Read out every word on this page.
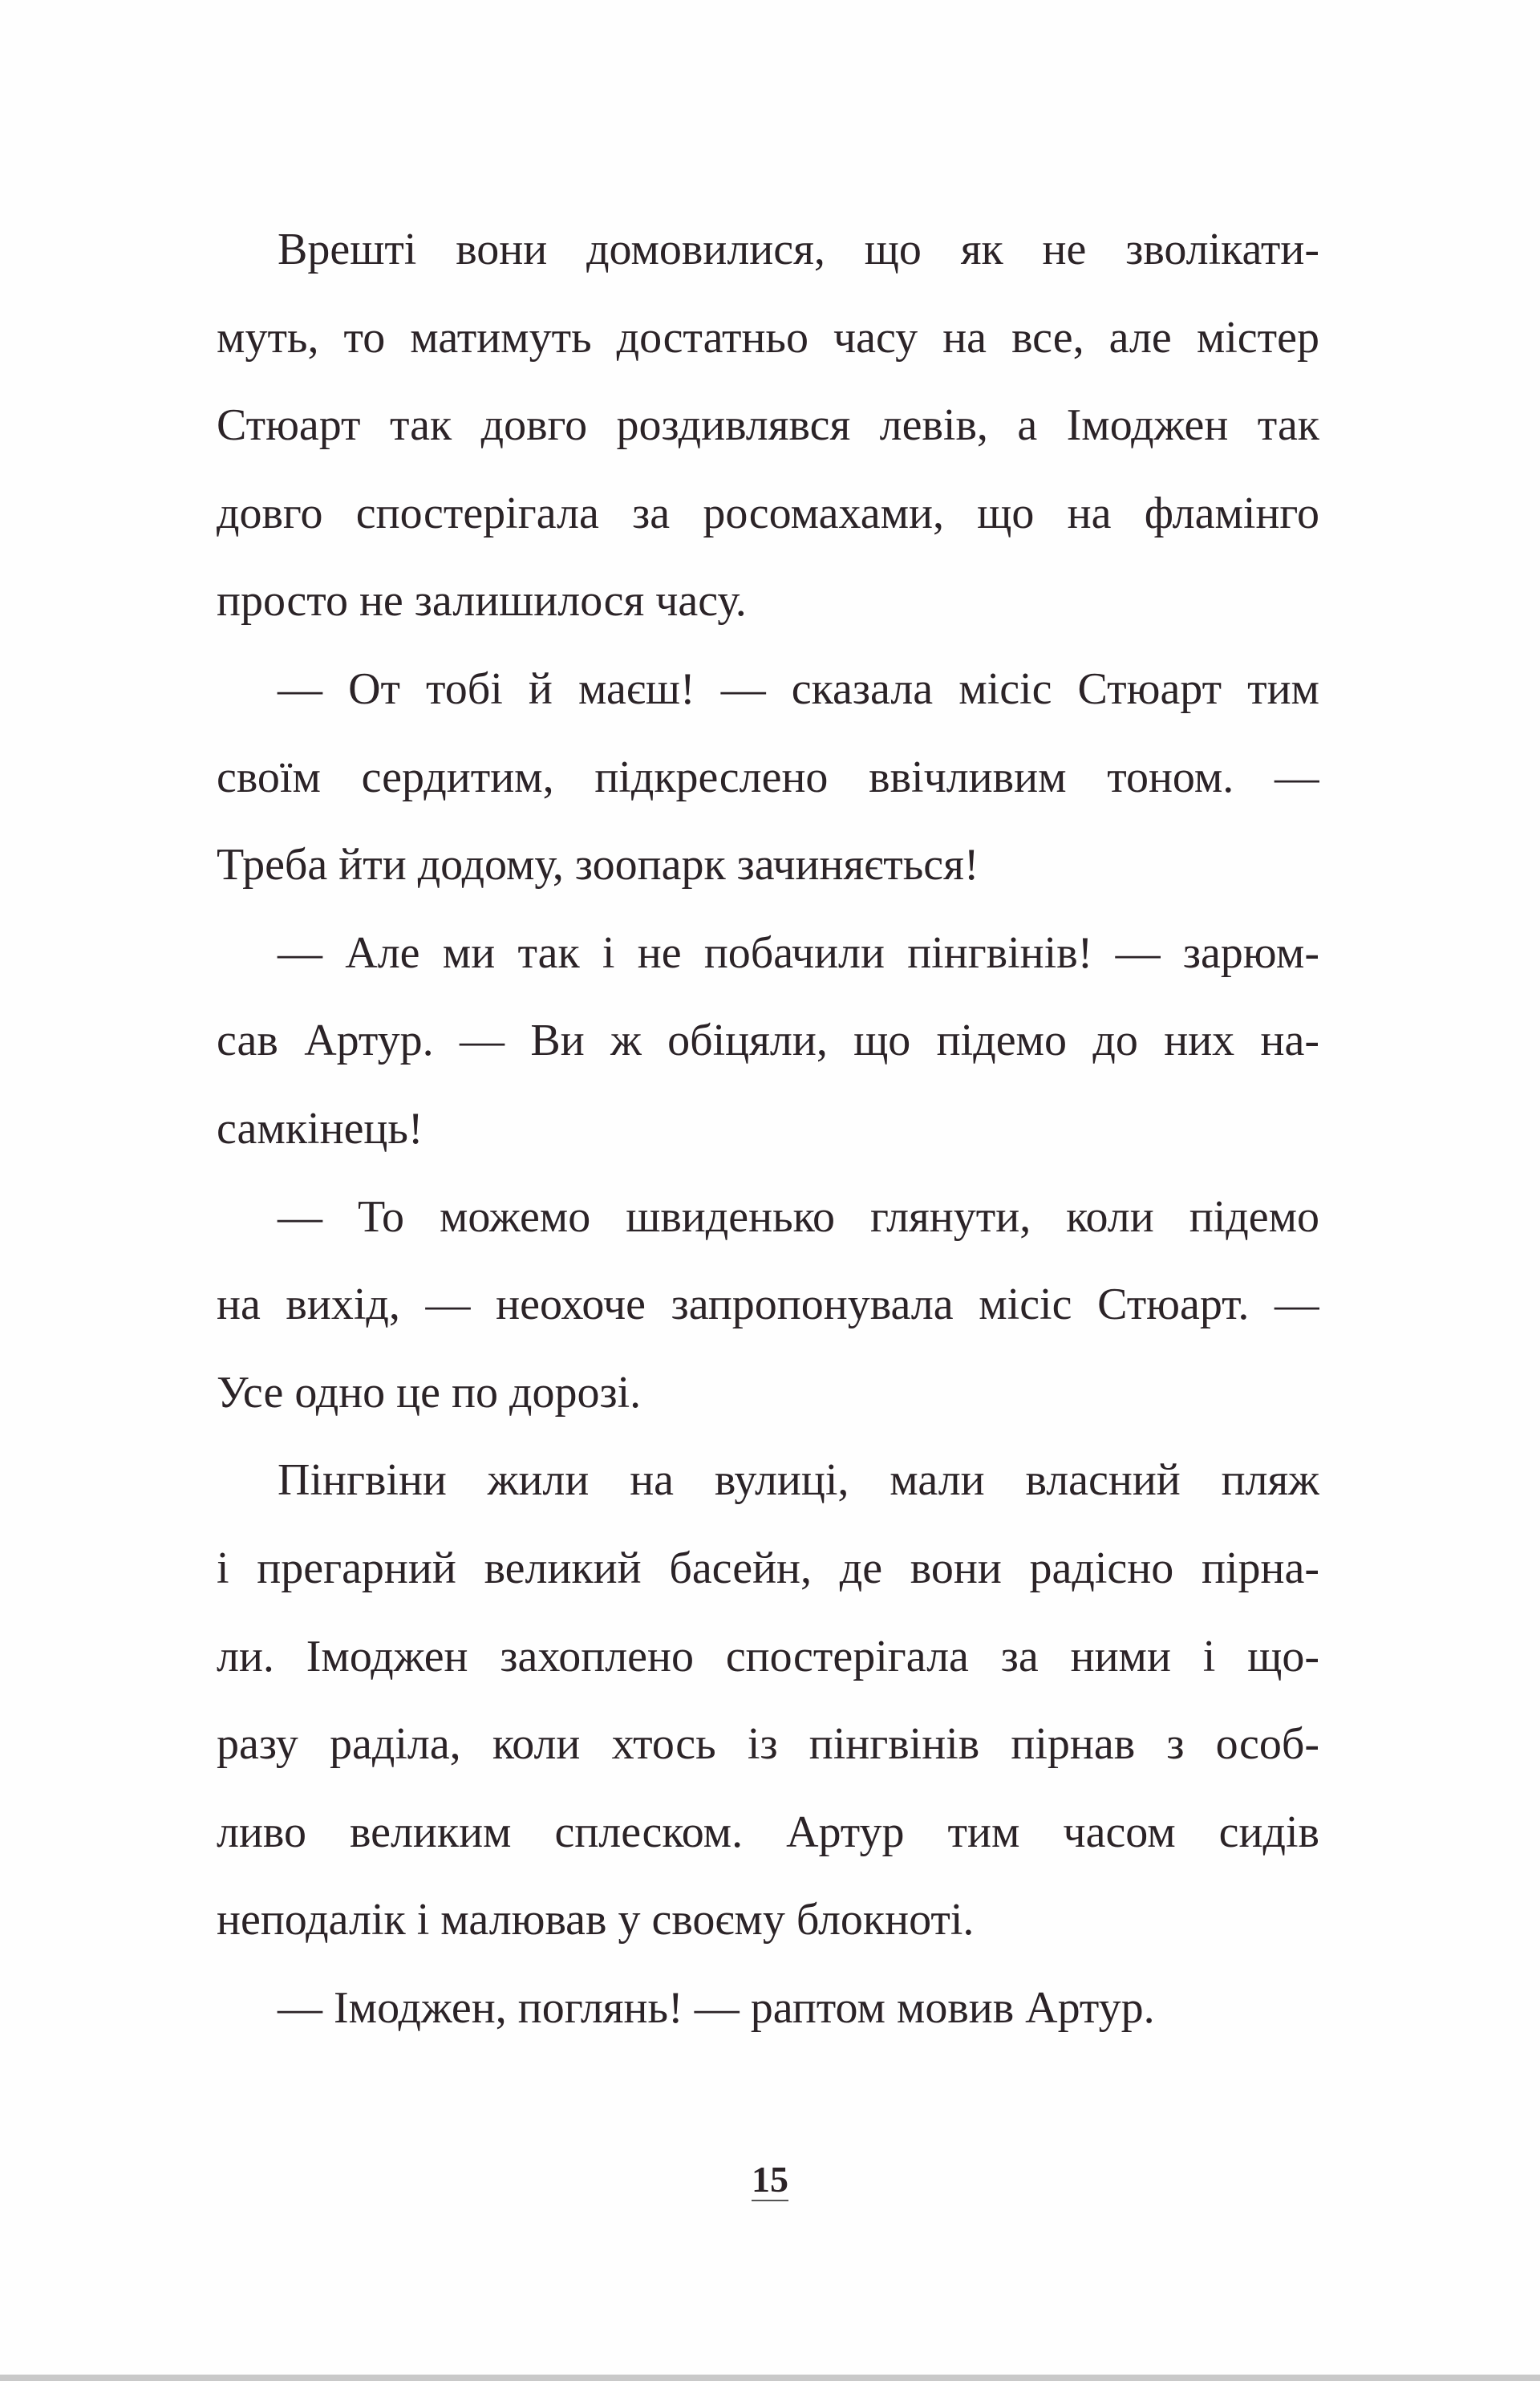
Врешті вони домовилися, що як не зволікати-
муть, то матимуть достатньо часу на все, але містер
Стюарт так довго роздивлявся левів, а Імоджен так
довго спостерігала за росомахами, що на фламінго
просто не залишилося часу.
— От тобі й маєш! — сказала місіс Стюарт тим
своїм сердитим, підкреслено ввічливим тоном. —
Треба йти додому, зоопарк зачиняється!
— Але ми так і не побачили пінгвінів! — зарюм-
сав Артур. — Ви ж обіцяли, що підемо до них на-
самкінець!
— То можемо швиденько глянути, коли підемо
на вихід, — неохоче запропонувала місіс Стюарт. —
Усе одно це по дорозі.
Пінгвіни жили на вулиці, мали власний пляж
і прегарний великий басейн, де вони радісно пірна-
ли. Імоджен захоплено спостерігала за ними і що-
разу раділа, коли хтось із пінгвінів пірнав з особ-
ливо великим сплеском. Артур тим часом сидів
неподалік і малював у своєму блокноті.
— Імоджен, поглянь! — раптом мовив Артур.
15
